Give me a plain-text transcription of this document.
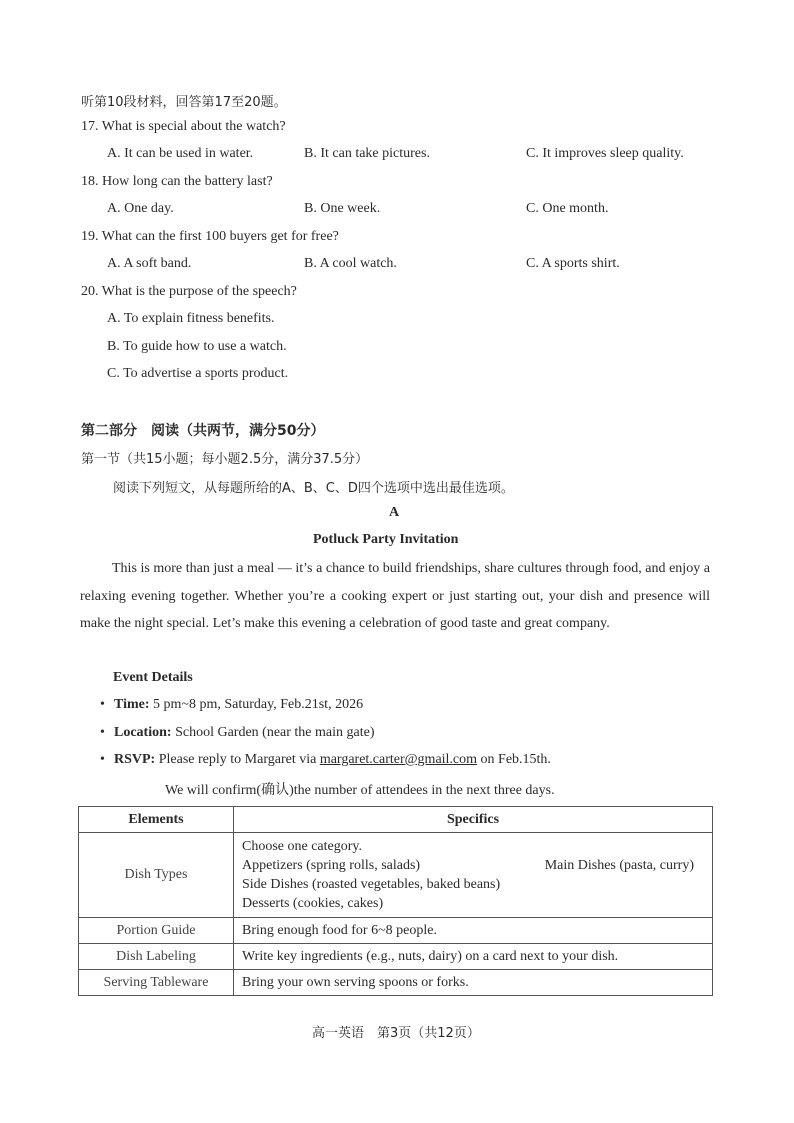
听第10段材料，回答第17至20题。
17. What is special about the watch?
A. It can be used in water.	B. It can take pictures.	C. It improves sleep quality.
18. How long can the battery last?
A. One day.	B. One week.	C. One month.
19. What can the first 100 buyers get for free?
A. A soft band.	B. A cool watch.	C. A sports shirt.
20. What is the purpose of the speech?
A. To explain fitness benefits.
B. To guide how to use a watch.
C. To advertise a sports product.
第二部分　阅读（共两节，满分50分）
第一节（共15小题；每小题2.5分，满分37.5分）
阅读下列短文，从每题所给的A、B、C、D四个选项中选出最佳选项。
A
Potluck Party Invitation
This is more than just a meal — it’s a chance to build friendships, share cultures through food, and enjoy a relaxing evening together. Whether you’re a cooking expert or just starting out, your dish and presence will make the night special. Let’s make this evening a celebration of good taste and great company.
Event Details
• Time: 5 pm~8 pm, Saturday, Feb.21st, 2026
• Location: School Garden (near the main gate)
• RSVP: Please reply to Margaret via margaret.carter@gmail.com on Feb.15th.
We will confirm(确认)the number of attendees in the next three days.
Elements	Specifics
Dish Types	Choose one category.
Appetizers (spring rolls, salads) Main Dishes (pasta, curry)
Side Dishes (roasted vegetables, baked beans)
Desserts (cookies, cakes)

Portion Guide	Bring enough food for 6~8 people.
Dish Labeling	Write key ingredients (e.g., nuts, dairy) on a card next to your dish.
Serving Tableware	Bring your own serving spoons or forks.
高一英语　第3页（共12页）
